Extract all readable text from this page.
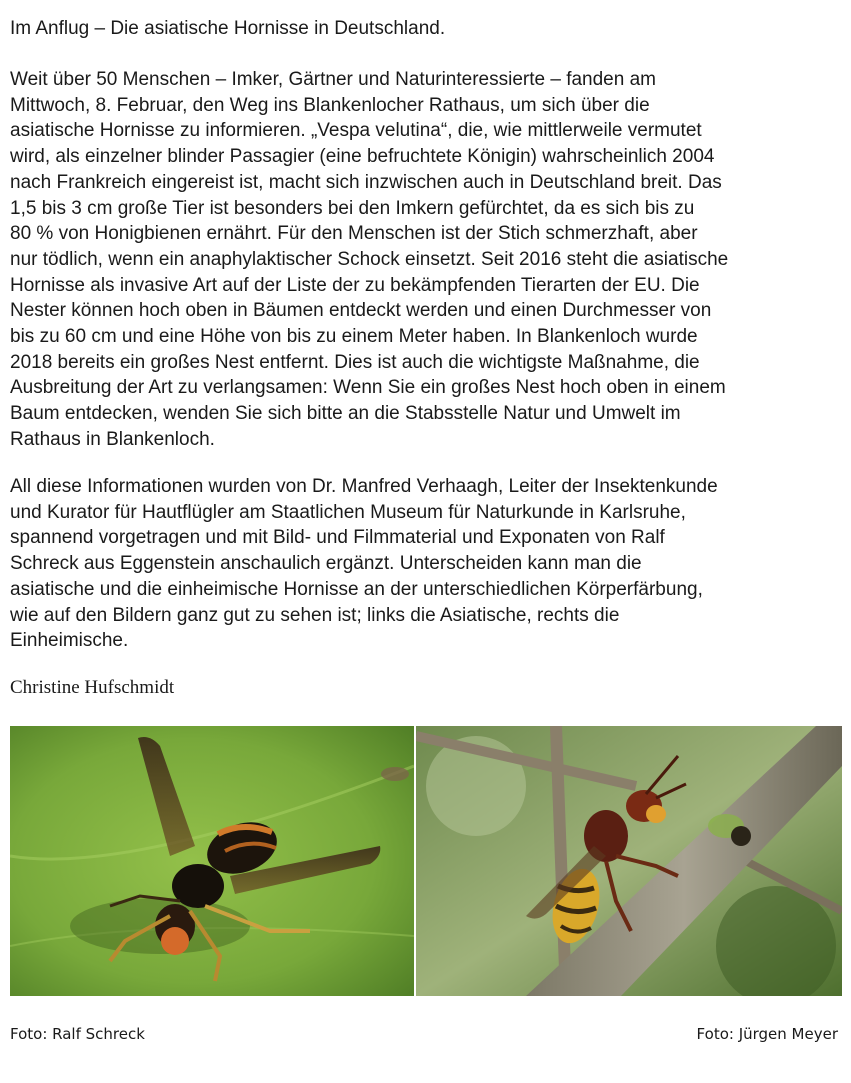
Im Anflug – Die asiatische Hornisse in Deutschland.
Weit über 50 Menschen – Imker, Gärtner und Naturinteressierte – fanden am
Mittwoch, 8. Februar, den Weg ins Blankenlocher Rathaus, um sich über die
asiatische Hornisse zu informieren. „Vespa velutina“, die, wie mittlerweile vermutet
wird, als einzelner blinder Passagier (eine befruchtete Königin) wahrscheinlich 2004
nach Frankreich eingereist ist, macht sich inzwischen auch in Deutschland breit. Das
1,5 bis 3 cm große Tier ist besonders bei den Imkern gefürchtet, da es sich bis zu
80 % von Honigbienen ernährt. Für den Menschen ist der Stich schmerzhaft, aber
nur tödlich, wenn ein anaphylaktischer Schock einsetzt. Seit 2016 steht die asiatische
Hornisse als invasive Art auf der Liste der zu bekämpfenden Tierarten der EU. Die
Nester können hoch oben in Bäumen entdeckt werden und einen Durchmesser von
bis zu 60 cm und eine Höhe von bis zu einem Meter haben. In Blankenloch wurde
2018 bereits ein großes Nest entfernt. Dies ist auch die wichtigste Maßnahme, die
Ausbreitung der Art zu verlangsamen: Wenn Sie ein großes Nest hoch oben in einem
Baum entdecken, wenden Sie sich bitte an die Stabsstelle Natur und Umwelt im
Rathaus in Blankenloch.
All diese Informationen wurden von Dr. Manfred Verhaagh, Leiter der Insektenkunde
und Kurator für Hautflügler am Staatlichen Museum für Naturkunde in Karlsruhe,
spannend vorgetragen und mit Bild- und Filmmaterial und Exponaten von Ralf
Schreck aus Eggenstein anschaulich ergänzt. Unterscheiden kann man die
asiatische und die einheimische Hornisse an der unterschiedlichen Körperfärbung,
wie auf den Bildern ganz gut zu sehen ist; links die Asiatische, rechts die
Einheimische.
Christine Hufschmidt
Foto: Ralf Schreck	Foto: Jürgen Meyer
